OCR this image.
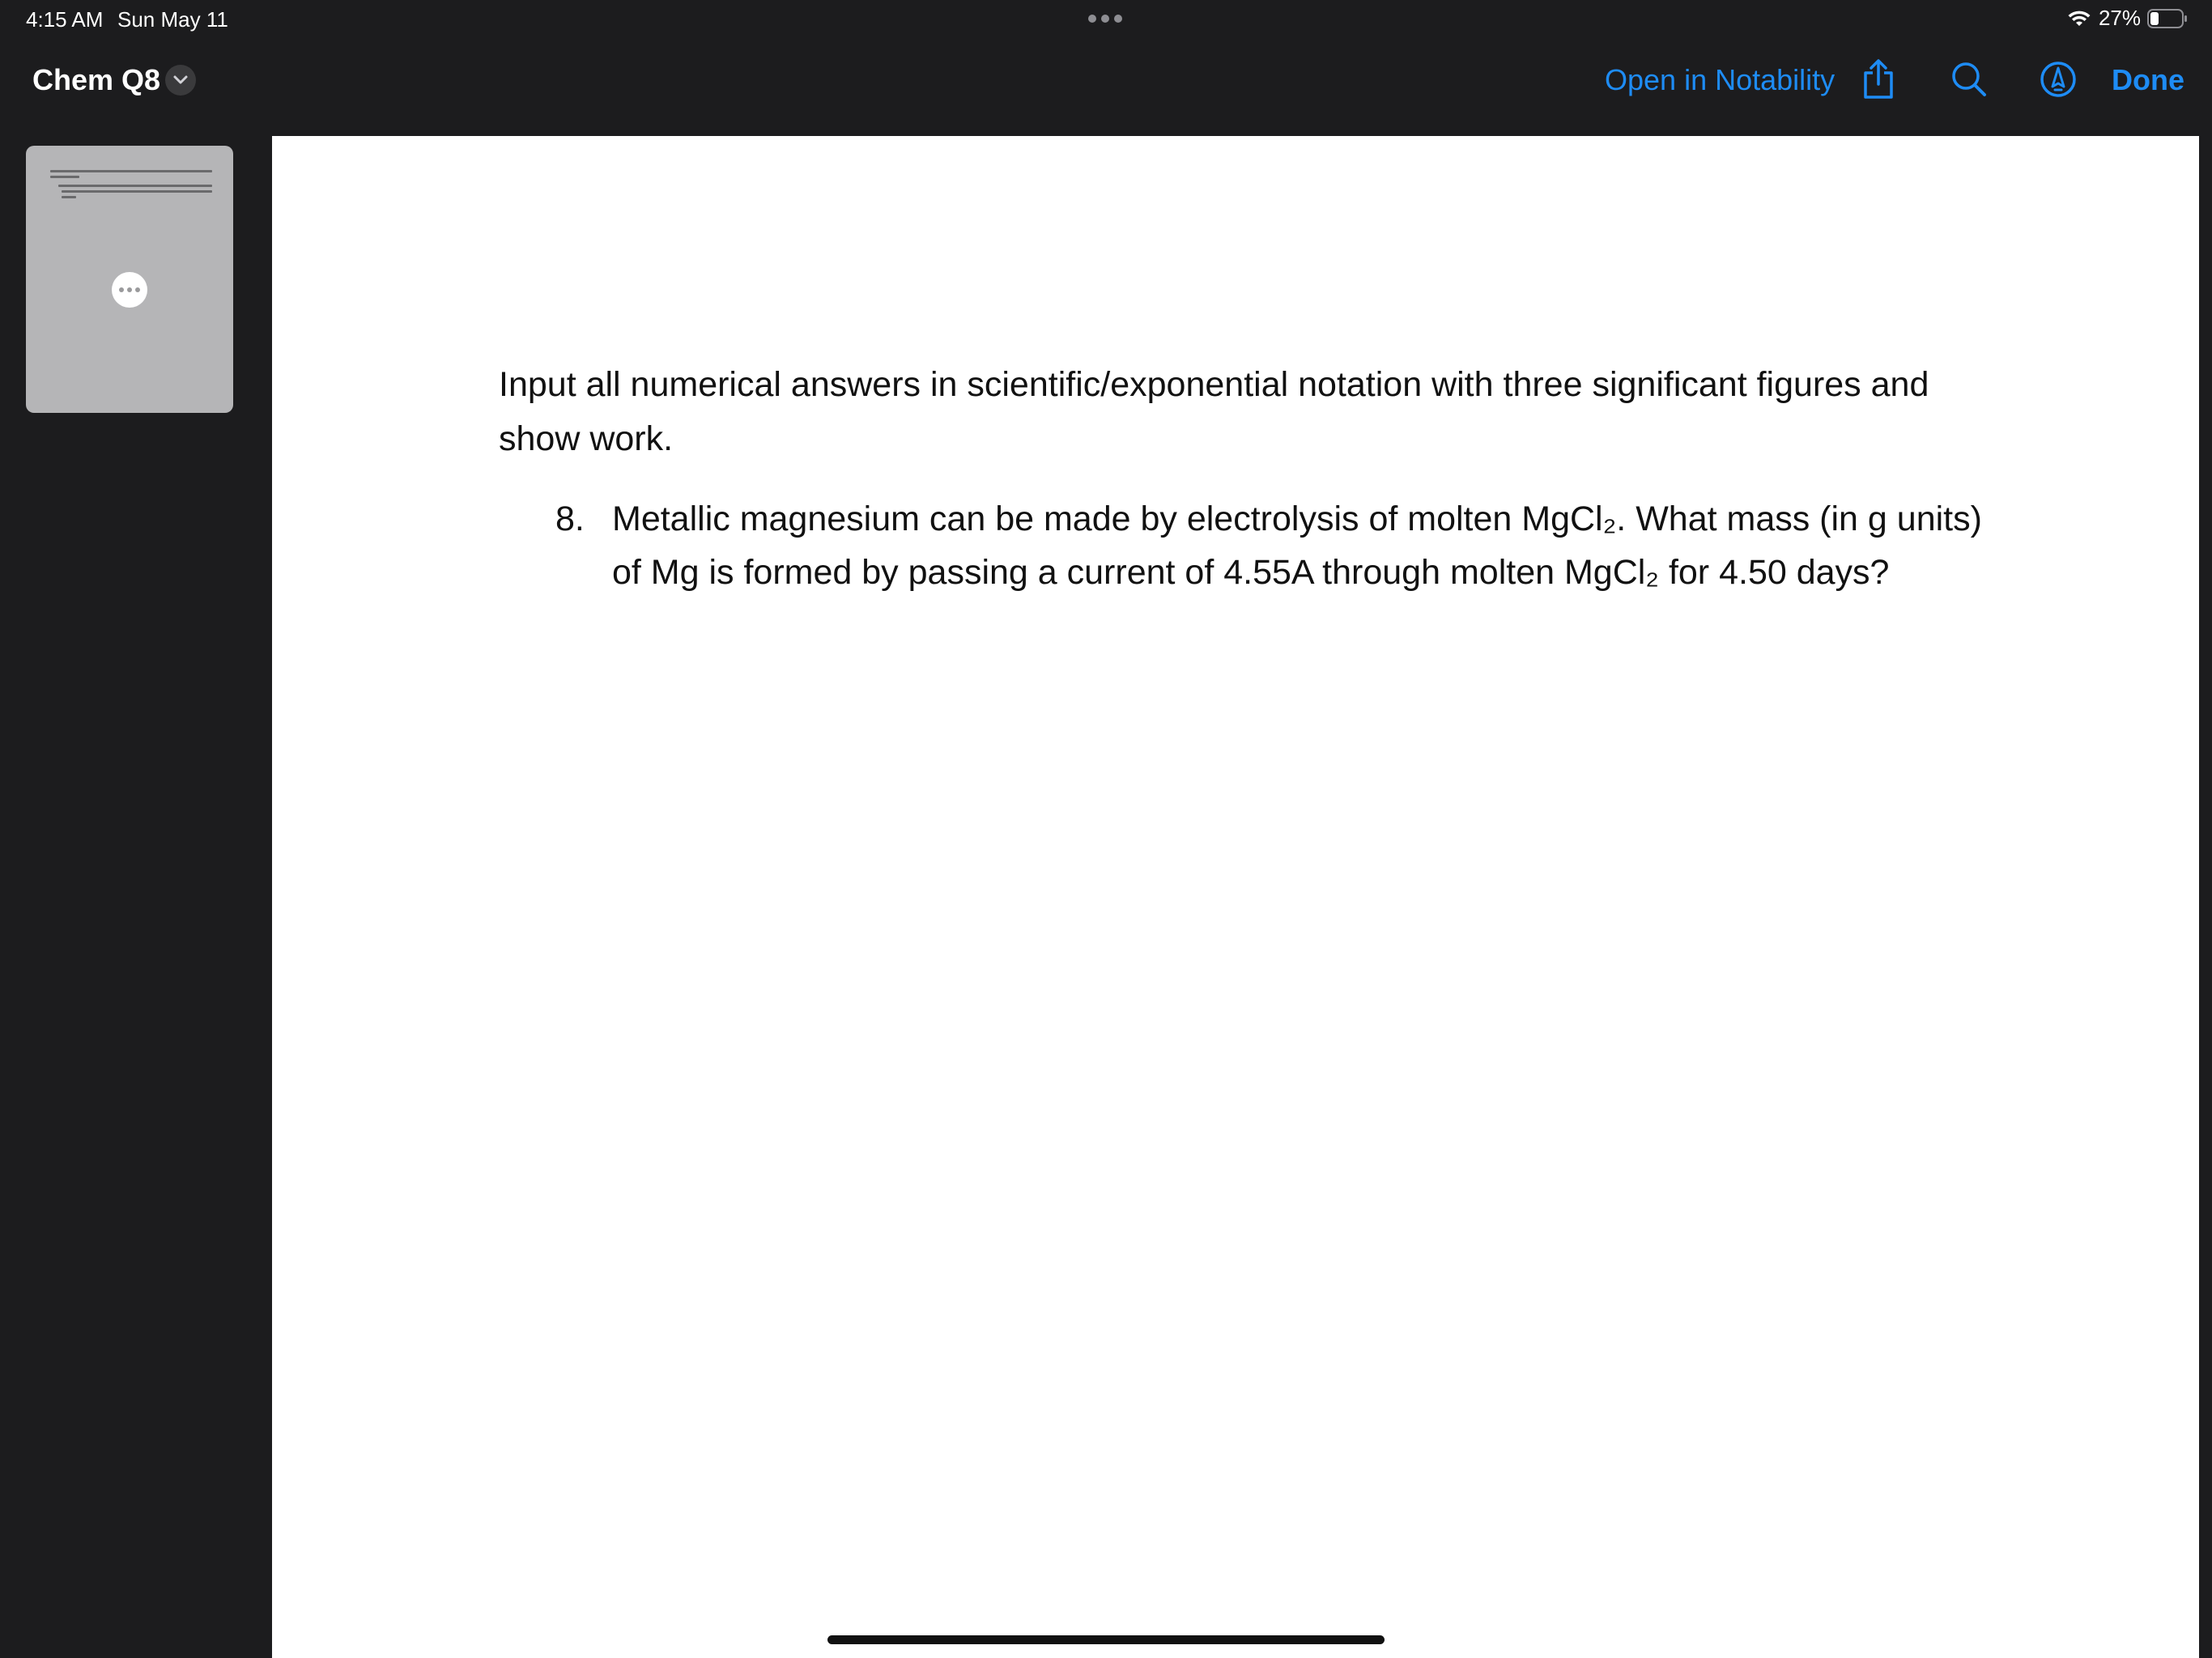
4:15 AM Sun May 11	27%
Chem Q8	Open in Notability	Done

Input all numerical answers in scientific/exponential notation with three significant figures and show work.

8. Metallic magnesium can be made by electrolysis of molten MgCl₂. What mass (in g units) of Mg is formed by passing a current of 4.55A through molten MgCl₂ for 4.50 days?
